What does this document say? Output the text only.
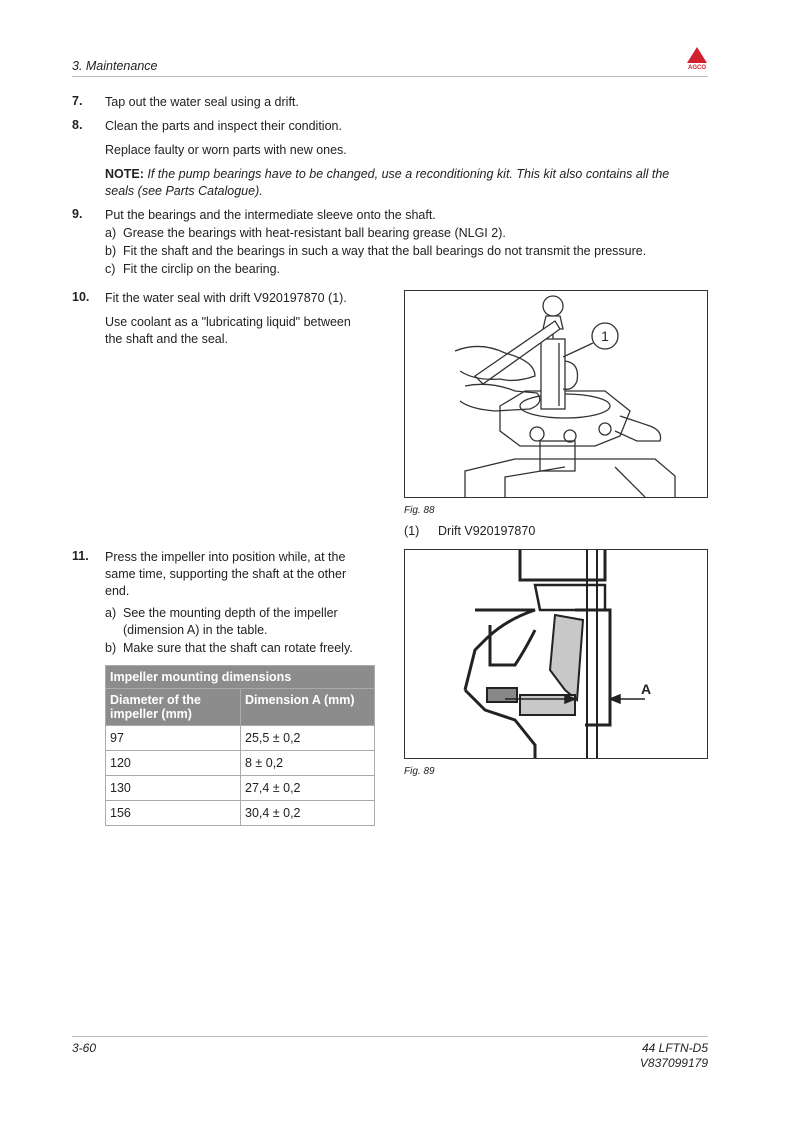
3. Maintenance	AGCO
7. Tap out the water seal using a drift.
8. Clean the parts and inspect their condition.
Replace faulty or worn parts with new ones.
NOTE: If the pump bearings have to be changed, use a reconditioning kit. This kit also contains all the
seals (see Parts Catalogue).
9. Put the bearings and the intermediate sleeve onto the shaft.
a) Grease the bearings with heat-resistant ball bearing grease (NLGI 2).
b) Fit the shaft and the bearings in such a way that the ball bearings do not transmit the pressure.
c) Fit the circlip on the bearing.
10. Fit the water seal with drift V920197870 (1).
Use coolant as a "lubricating liquid" between
the shaft and the seal.	1
Fig. 88
(1) Drift V920197870
11. Press the impeller into position while, at the
same time, supporting the shaft at the other
end.
a) See the mounting depth of the impeller
(dimension A) in the table.
b) Make sure that the shaft can rotate freely.
Impeller mounting dimensions	
Diameter of the impeller (mm)	Dimension A (mm)
97	25,5 ± 0,2
120	8 ± 0,2
130	27,4 ± 0,2
156	30,4 ± 0,2
A
Fig. 89
3-60	44 LFTN-D5
V837099179
